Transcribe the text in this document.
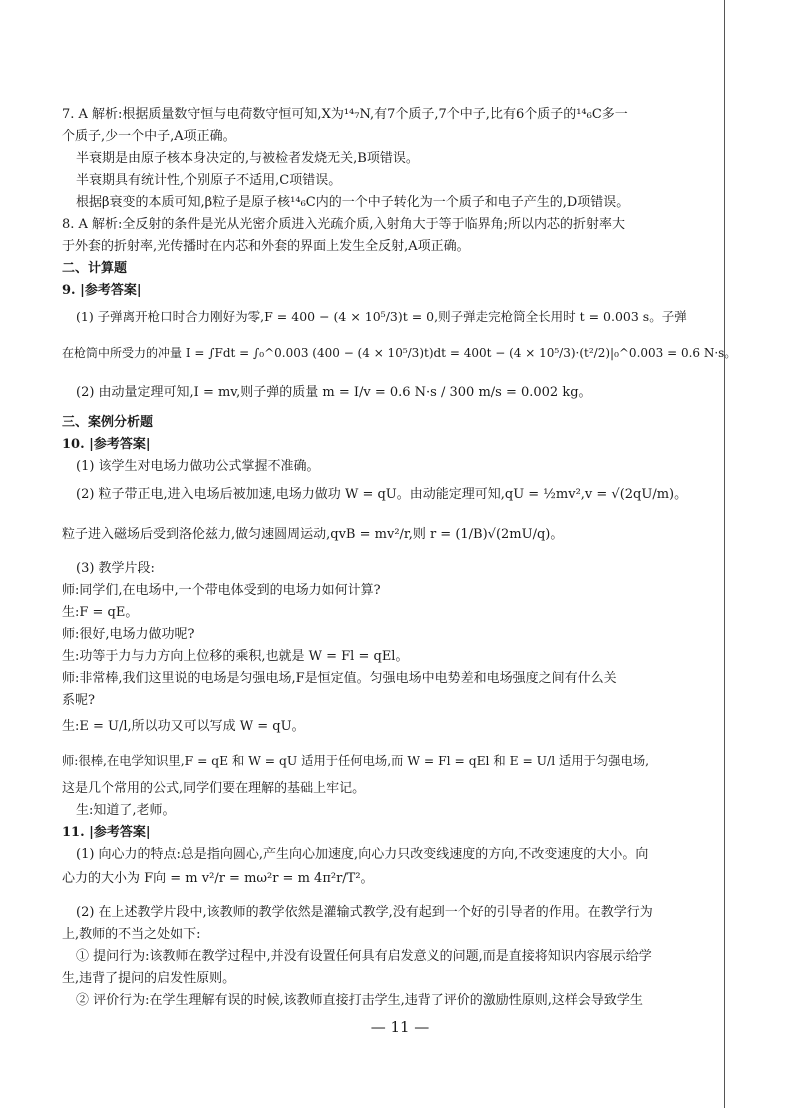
7. A 解析:根据质量数守恒与电荷数守恒可知,X为¹⁴₇N,有7个质子,7个中子,比有6个质子的¹⁴₆C多一
个质子,少一个中子,A项正确。
半衰期是由原子核本身决定的,与被检者发烧无关,B项错误。
半衰期具有统计性,个别原子不适用,C项错误。
根据β衰变的本质可知,β粒子是原子核¹⁴₆C内的一个中子转化为一个质子和电子产生的,D项错误。
8. A 解析:全反射的条件是光从光密介质进入光疏介质,入射角大于等于临界角;所以内芯的折射率大
于外套的折射率,光传播时在内芯和外套的界面上发生全反射,A项正确。
二、计算题
9. |参考答案|
(1) 子弹离开枪口时合力刚好为零,F = 400 − (4 × 10⁵/3)t = 0,则子弹走完枪筒全长用时 t = 0.003 s。子弹
在枪筒中所受力的冲量 I = ∫Fdt = ∫₀^0.003 (400 − (4 × 10⁵/3)t)dt = 400t − (4 × 10⁵/3)·(t²/2)|₀^0.003 = 0.6 N·s。
(2) 由动量定理可知,I = mv,则子弹的质量 m = I/v = 0.6 N·s / 300 m/s = 0.002 kg。
三、案例分析题
10. |参考答案|
(1) 该学生对电场力做功公式掌握不准确。
(2) 粒子带正电,进入电场后被加速,电场力做功 W = qU。由动能定理可知,qU = ½mv²,v = √(2qU/m)。
粒子进入磁场后受到洛伦兹力,做匀速圆周运动,qvB = mv²/r,则 r = (1/B)√(2mU/q)。
(3) 教学片段:
师:同学们,在电场中,一个带电体受到的电场力如何计算?
生:F = qE。
师:很好,电场力做功呢?
生:功等于力与力方向上位移的乘积,也就是 W = Fl = qEl。
师:非常棒,我们这里说的电场是匀强电场,F是恒定值。匀强电场中电势差和电场强度之间有什么关
系呢?
生:E = U/l,所以功又可以写成 W = qU。
师:很棒,在电学知识里,F = qE 和 W = qU 适用于任何电场,而 W = Fl = qEl 和 E = U/l 适用于匀强电场,
这是几个常用的公式,同学们要在理解的基础上牢记。
生:知道了,老师。
11. |参考答案|
(1) 向心力的特点:总是指向圆心,产生向心加速度,向心力只改变线速度的方向,不改变速度的大小。向
心力的大小为 F向 = m v²/r = mω²r = m 4π²r/T²。
(2) 在上述教学片段中,该教师的教学依然是灌输式教学,没有起到一个好的引导者的作用。在教学行为
上,教师的不当之处如下:
① 提问行为:该教师在教学过程中,并没有设置任何具有启发意义的问题,而是直接将知识内容展示给学
生,违背了提问的启发性原则。
② 评价行为:在学生理解有误的时候,该教师直接打击学生,违背了评价的激励性原则,这样会导致学生
— 11 —
